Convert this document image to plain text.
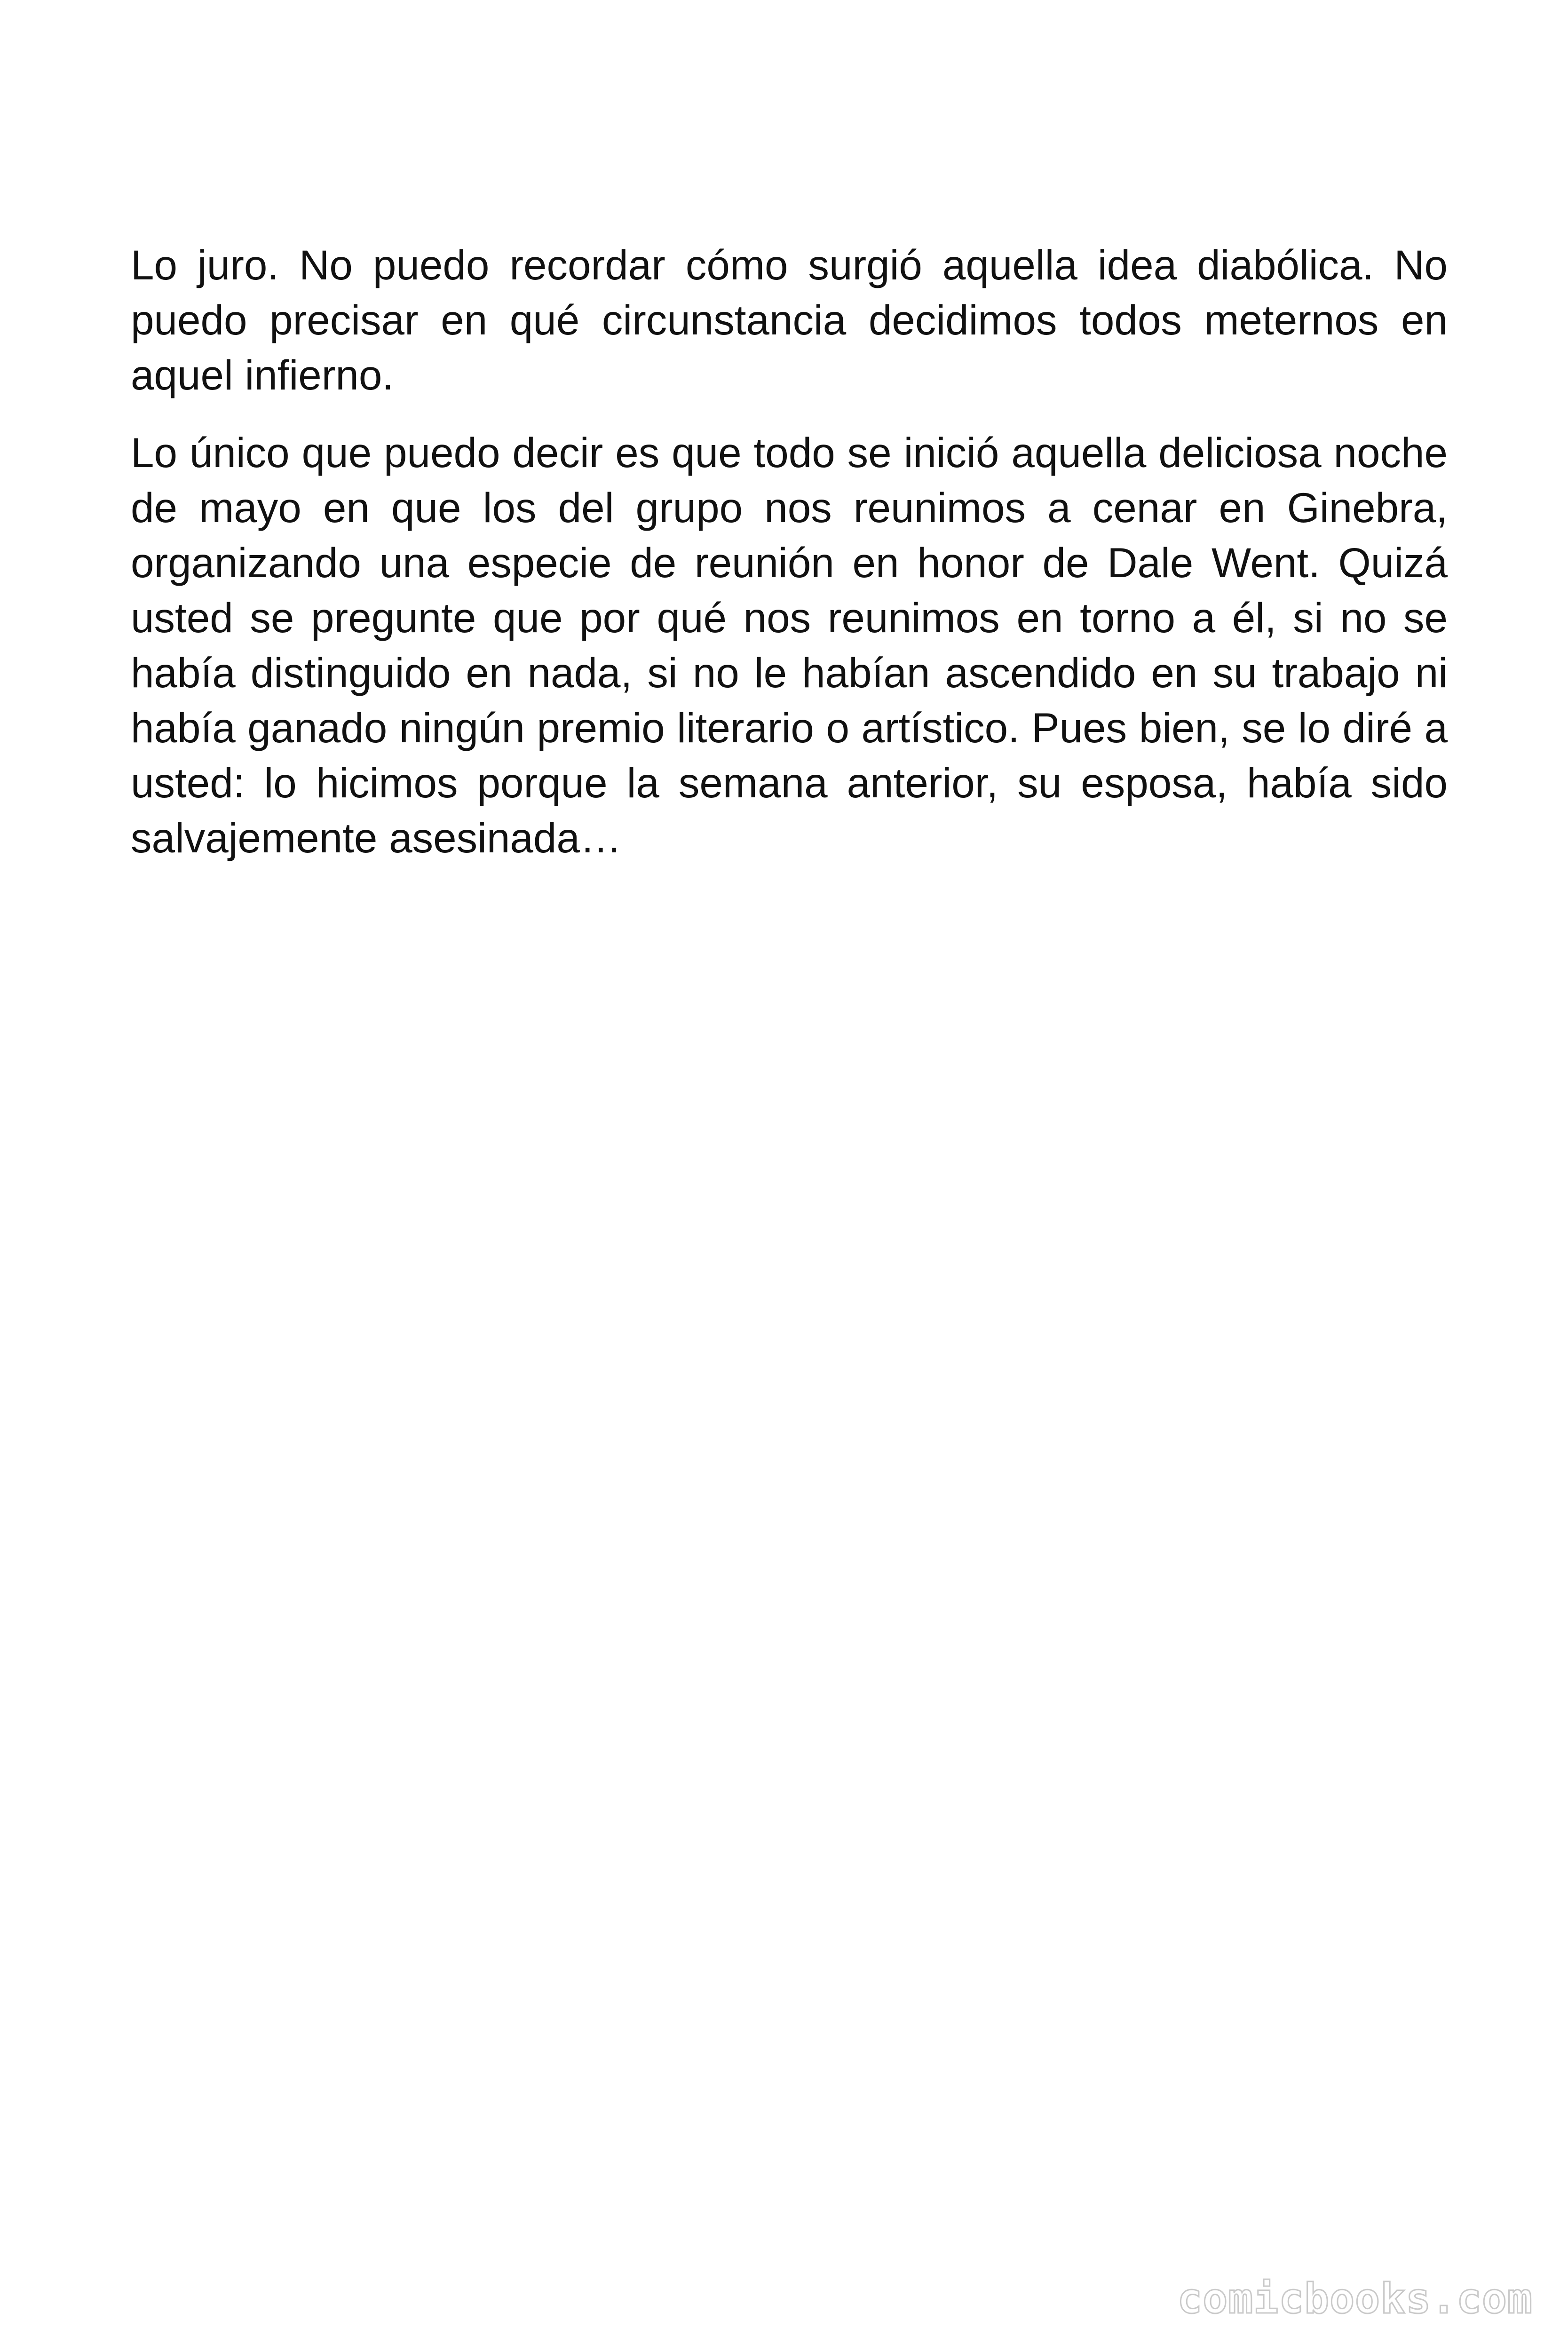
Lo juro. No puedo recordar cómo surgió aquella idea diabólica. No puedo precisar en qué circunstancia decidimos todos meternos en aquel infierno.

Lo único que puedo decir es que todo se inició aquella deliciosa noche de mayo en que los del grupo nos reunimos a cenar en Ginebra, organizando una especie de reunión en honor de Dale Went. Quizá usted se pregunte que por qué nos reunimos en torno a él, si no se había distinguido en nada, si no le habían ascendido en su trabajo ni había ganado ningún premio literario o artístico. Pues bien, se lo diré a usted: lo hicimos porque la semana anterior, su esposa, había sido salvajemente asesinada…

comicbooks.com
